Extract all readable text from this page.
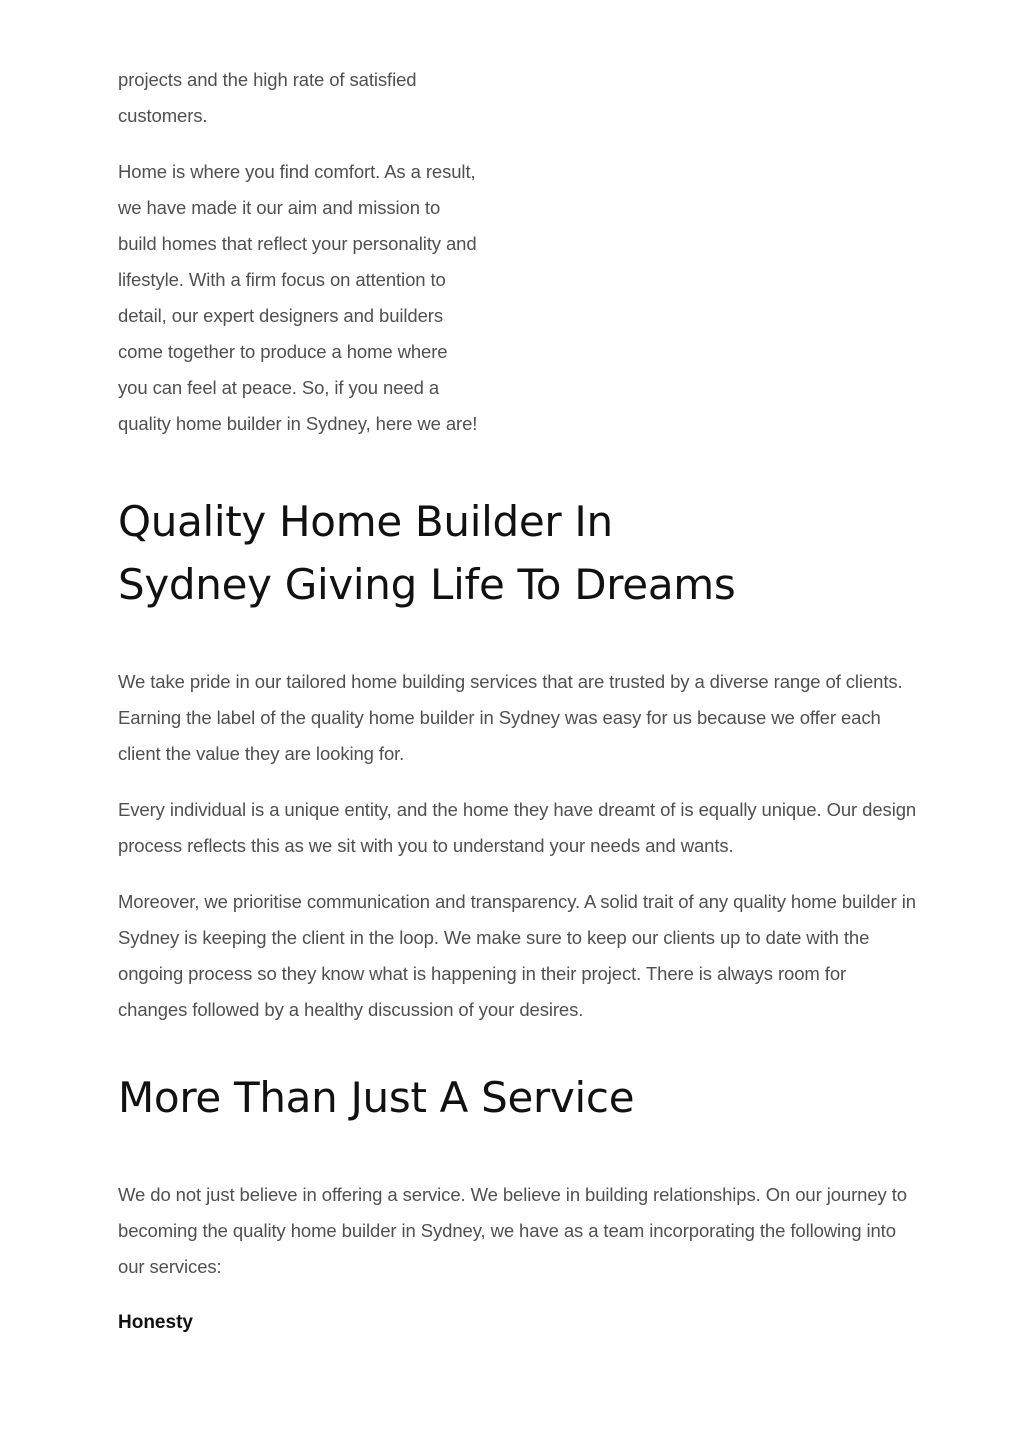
projects and the high rate of satisfied customers.

Home is where you find comfort. As a result, we have made it our aim and mission to build homes that reflect your personality and lifestyle. With a firm focus on attention to detail, our expert designers and builders come together to produce a home where you can feel at peace. So, if you need a quality home builder in Sydney, here we are!

Quality Home Builder In Sydney Giving Life To Dreams

We take pride in our tailored home building services that are trusted by a diverse range of clients. Earning the label of the quality home builder in Sydney was easy for us because we offer each client the value they are looking for.

Every individual is a unique entity, and the home they have dreamt of is equally unique. Our design process reflects this as we sit with you to understand your needs and wants.

Moreover, we prioritise communication and transparency. A solid trait of any quality home builder in Sydney is keeping the client in the loop. We make sure to keep our clients up to date with the ongoing process so they know what is happening in their project. There is always room for changes followed by a healthy discussion of your desires.

More Than Just A Service

We do not just believe in offering a service. We believe in building relationships. On our journey to becoming the quality home builder in Sydney, we have as a team incorporating the following into our services:

Honesty
